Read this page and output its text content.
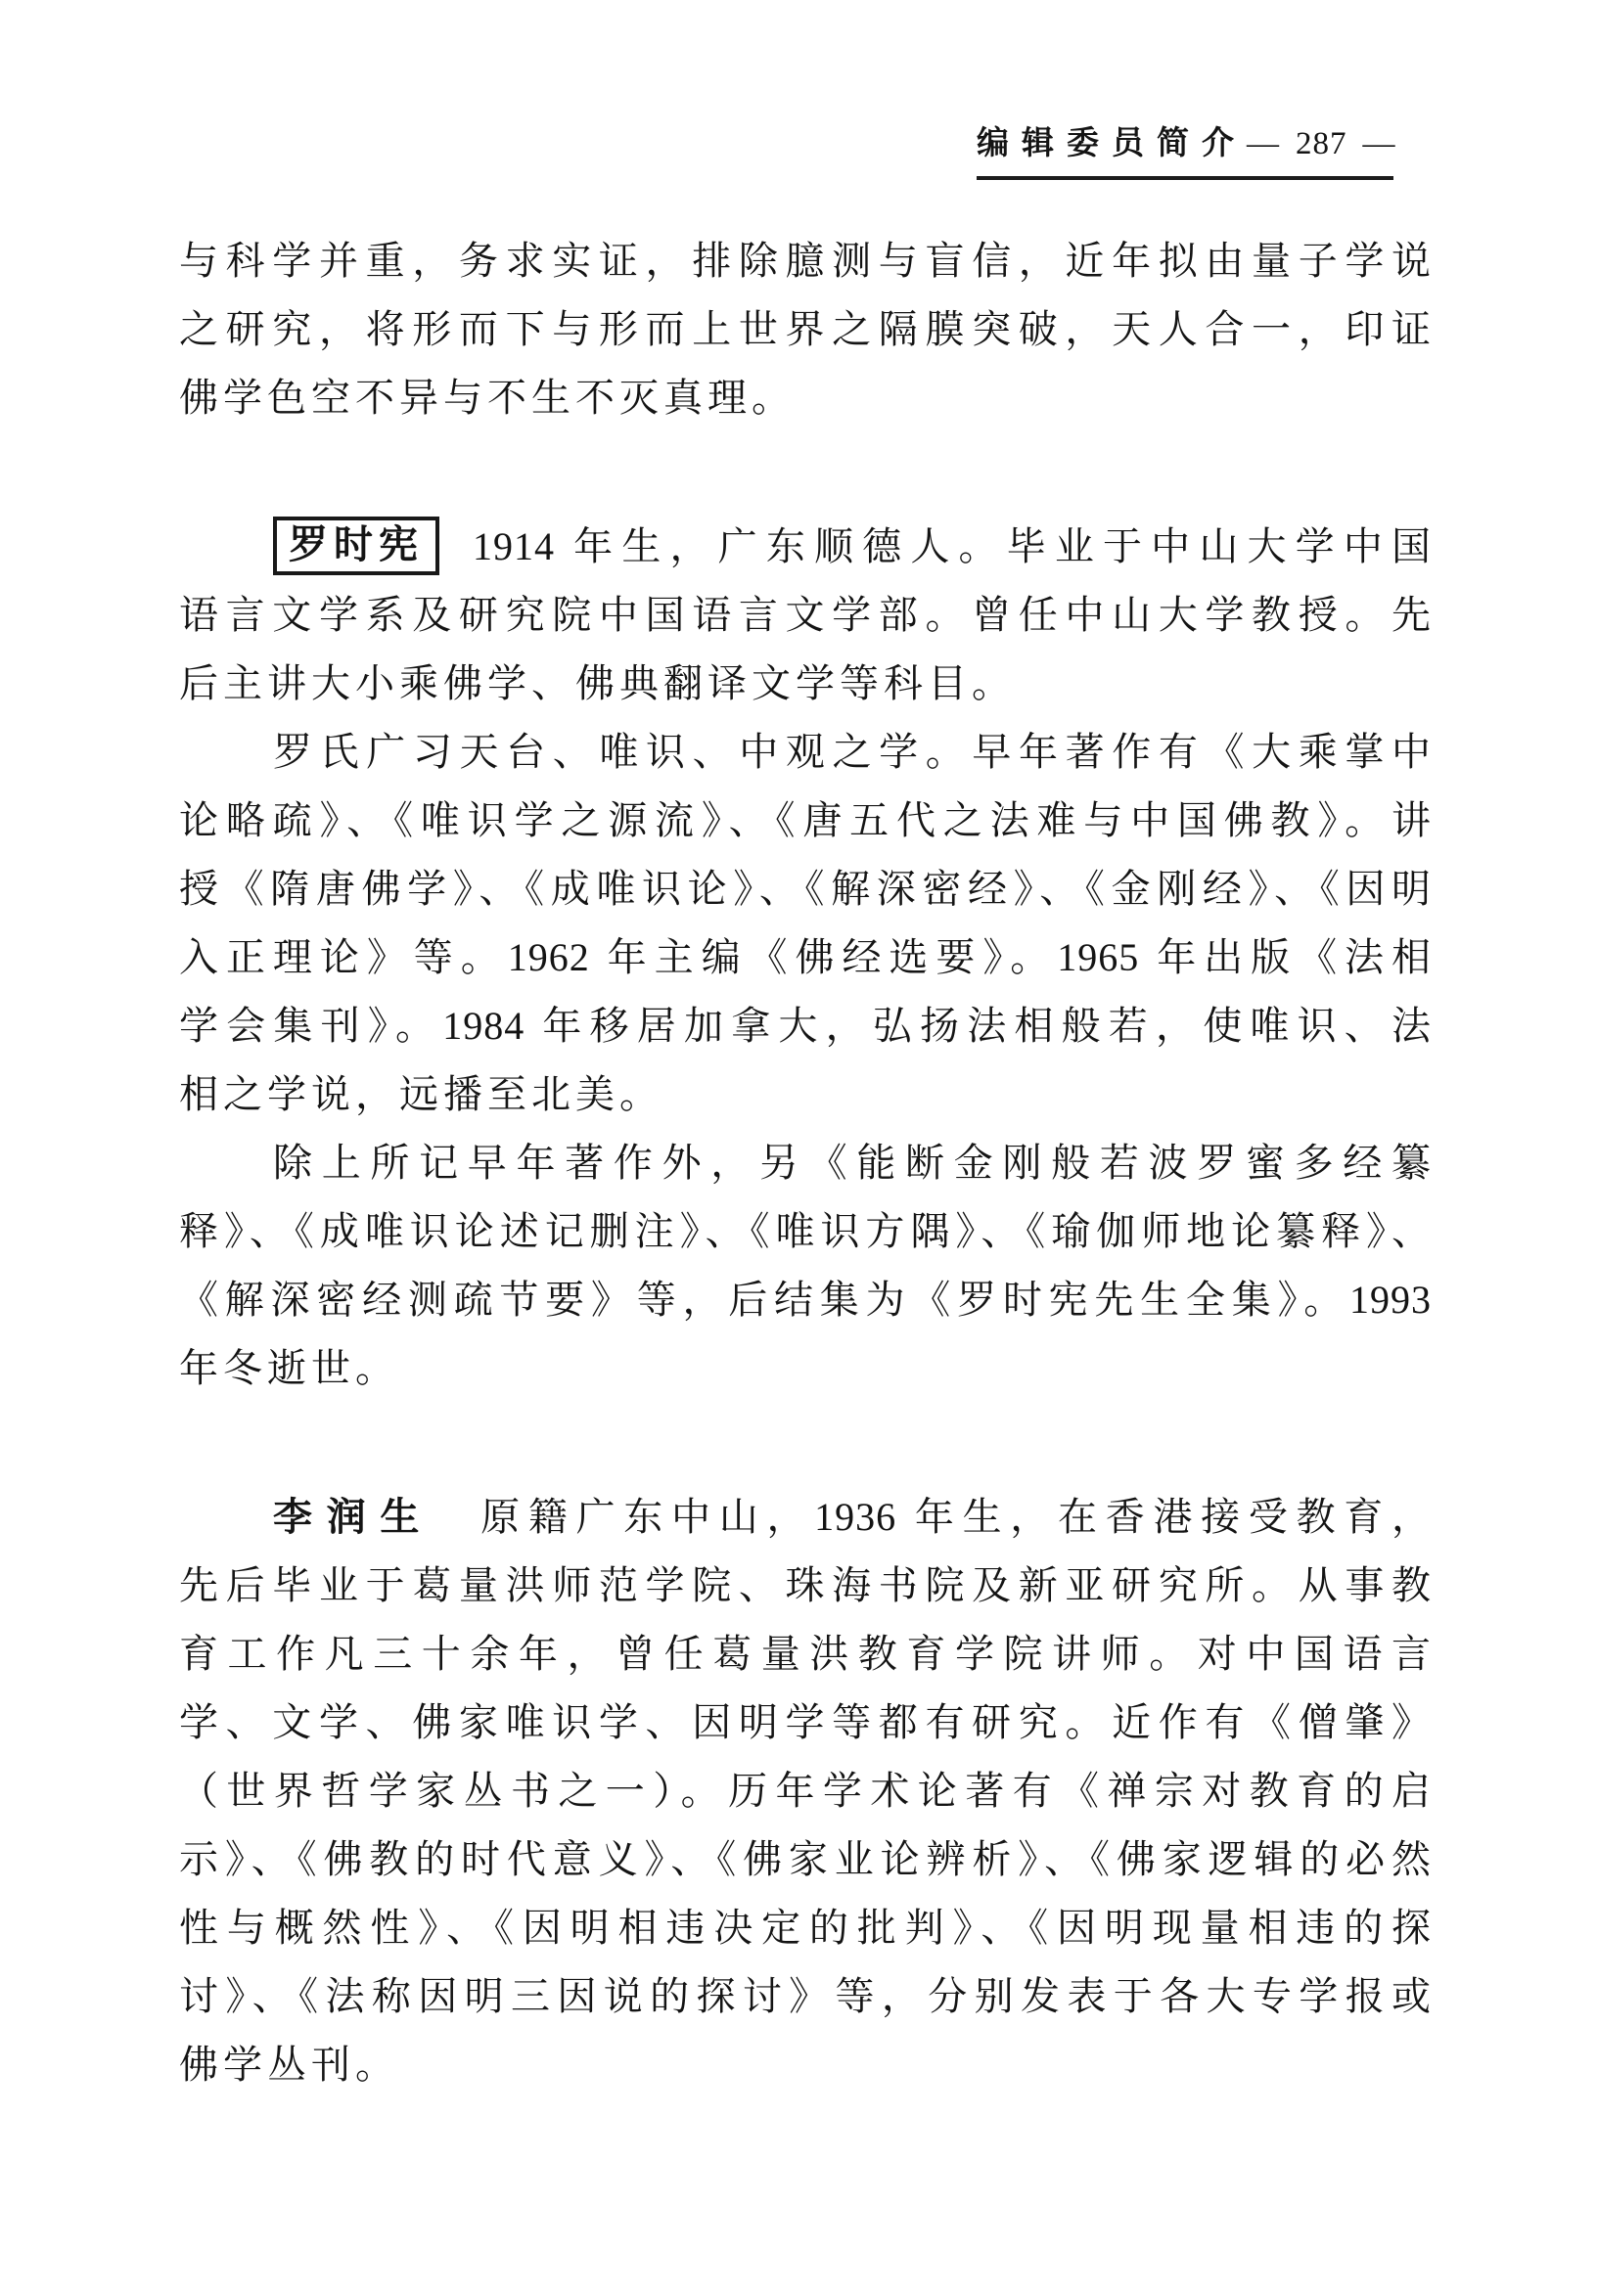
编辑委员简介 — 287 —
与科学并重，务求实证，排除臆测与盲信，近年拟由量子学说
之研究，将形而下与形而上世界之隔膜突破，天人合一，印证
佛学色空不异与不生不灭真理。
罗时宪 1914 年生，广东顺德人。毕业于中山大学中国
语言文学系及研究院中国语言文学部。曾任中山大学教授。先
后主讲大小乘佛学、佛典翻译文学等科目。
罗氏广习天台、唯识、中观之学。早年著作有《大乘掌中
论略疏》、《唯识学之源流》、《唐五代之法难与中国佛教》。讲
授《隋唐佛学》、《成唯识论》、《解深密经》、《金刚经》、《因明
入正理论》等。1962 年主编《佛经选要》。1965 年出版《法相
学会集刊》。1984 年移居加拿大，弘扬法相般若，使唯识、法
相之学说，远播至北美。
除上所记早年著作外，另《能断金刚般若波罗蜜多经纂
释》、《成唯识论述记删注》、《唯识方隅》、《瑜伽师地论纂释》、
《解深密经测疏节要》等，后结集为《罗时宪先生全集》。1993
年冬逝世。
李润生 原籍广东中山，1936 年生，在香港接受教育，
先后毕业于葛量洪师范学院、珠海书院及新亚研究所。从事教
育工作凡三十余年，曾任葛量洪教育学院讲师。对中国语言
学、文学、佛家唯识学、因明学等都有研究。近作有《僧肇》
（世界哲学家丛书之一）。历年学术论著有《禅宗对教育的启
示》、《佛教的时代意义》、《佛家业论辨析》、《佛家逻辑的必然
性与概然性》、《因明相违决定的批判》、《因明现量相违的探
讨》、《法称因明三因说的探讨》等，分别发表于各大专学报或
佛学丛刊。
